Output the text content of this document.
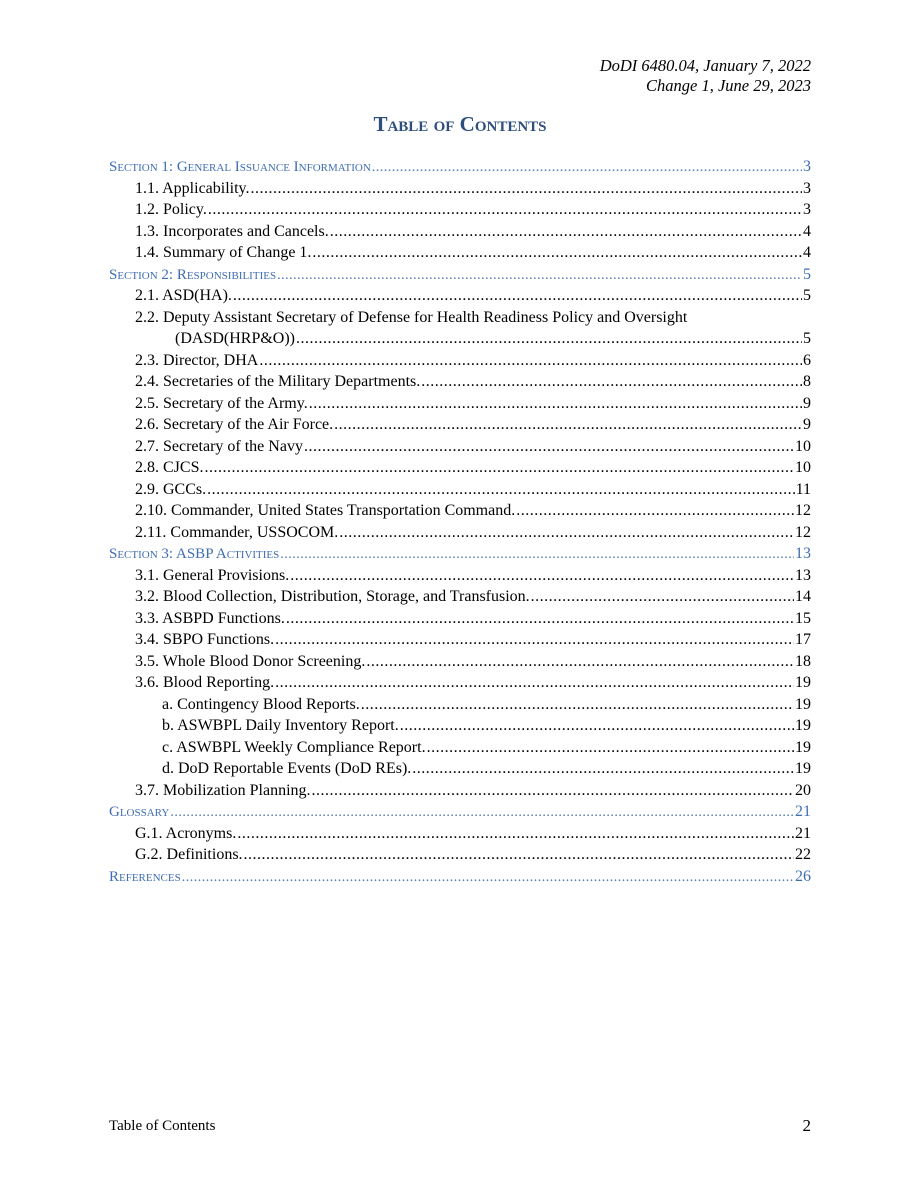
DoDI 6480.04, January 7, 2022
Change 1, June 29, 2023
Table of Contents
Section 1: General Issuance Information .....	3
1.1. Applicability. .....	3
1.2. Policy. .....	3
1.3. Incorporates and Cancels. .....	4
1.4. Summary of Change 1. .....	4
Section 2: Responsibilities .....	5
2.1. ASD(HA). .....	5
2.2. Deputy Assistant Secretary of Defense for Health Readiness Policy and Oversight
(DASD(HRP&O)) .....	5
2.3. Director, DHA .....	6
2.4. Secretaries of the Military Departments. .....	8
2.5. Secretary of the Army. .....	9
2.6. Secretary of the Air Force. .....	9
2.7. Secretary of the Navy .....	10
2.8. CJCS. .....	10
2.9. GCCs. .....	11
2.10. Commander, United States Transportation Command. .....	12
2.11. Commander, USSOCOM. .....	12
Section 3: ASBP Activities .....	13
3.1. General Provisions. .....	13
3.2. Blood Collection, Distribution, Storage, and Transfusion. .....	14
3.3. ASBPD Functions. .....	15
3.4. SBPO Functions. .....	17
3.5. Whole Blood Donor Screening. .....	18
3.6. Blood Reporting. .....	19
a. Contingency Blood Reports. .....	19
b. ASWBPL Daily Inventory Report. .....	19
c. ASWBPL Weekly Compliance Report. .....	19
d. DoD Reportable Events (DoD REs). .....	19
3.7. Mobilization Planning. .....	20
Glossary .....	21
G.1. Acronyms. .....	21
G.2. Definitions. .....	22
References .....	26
Table of Contents	2
